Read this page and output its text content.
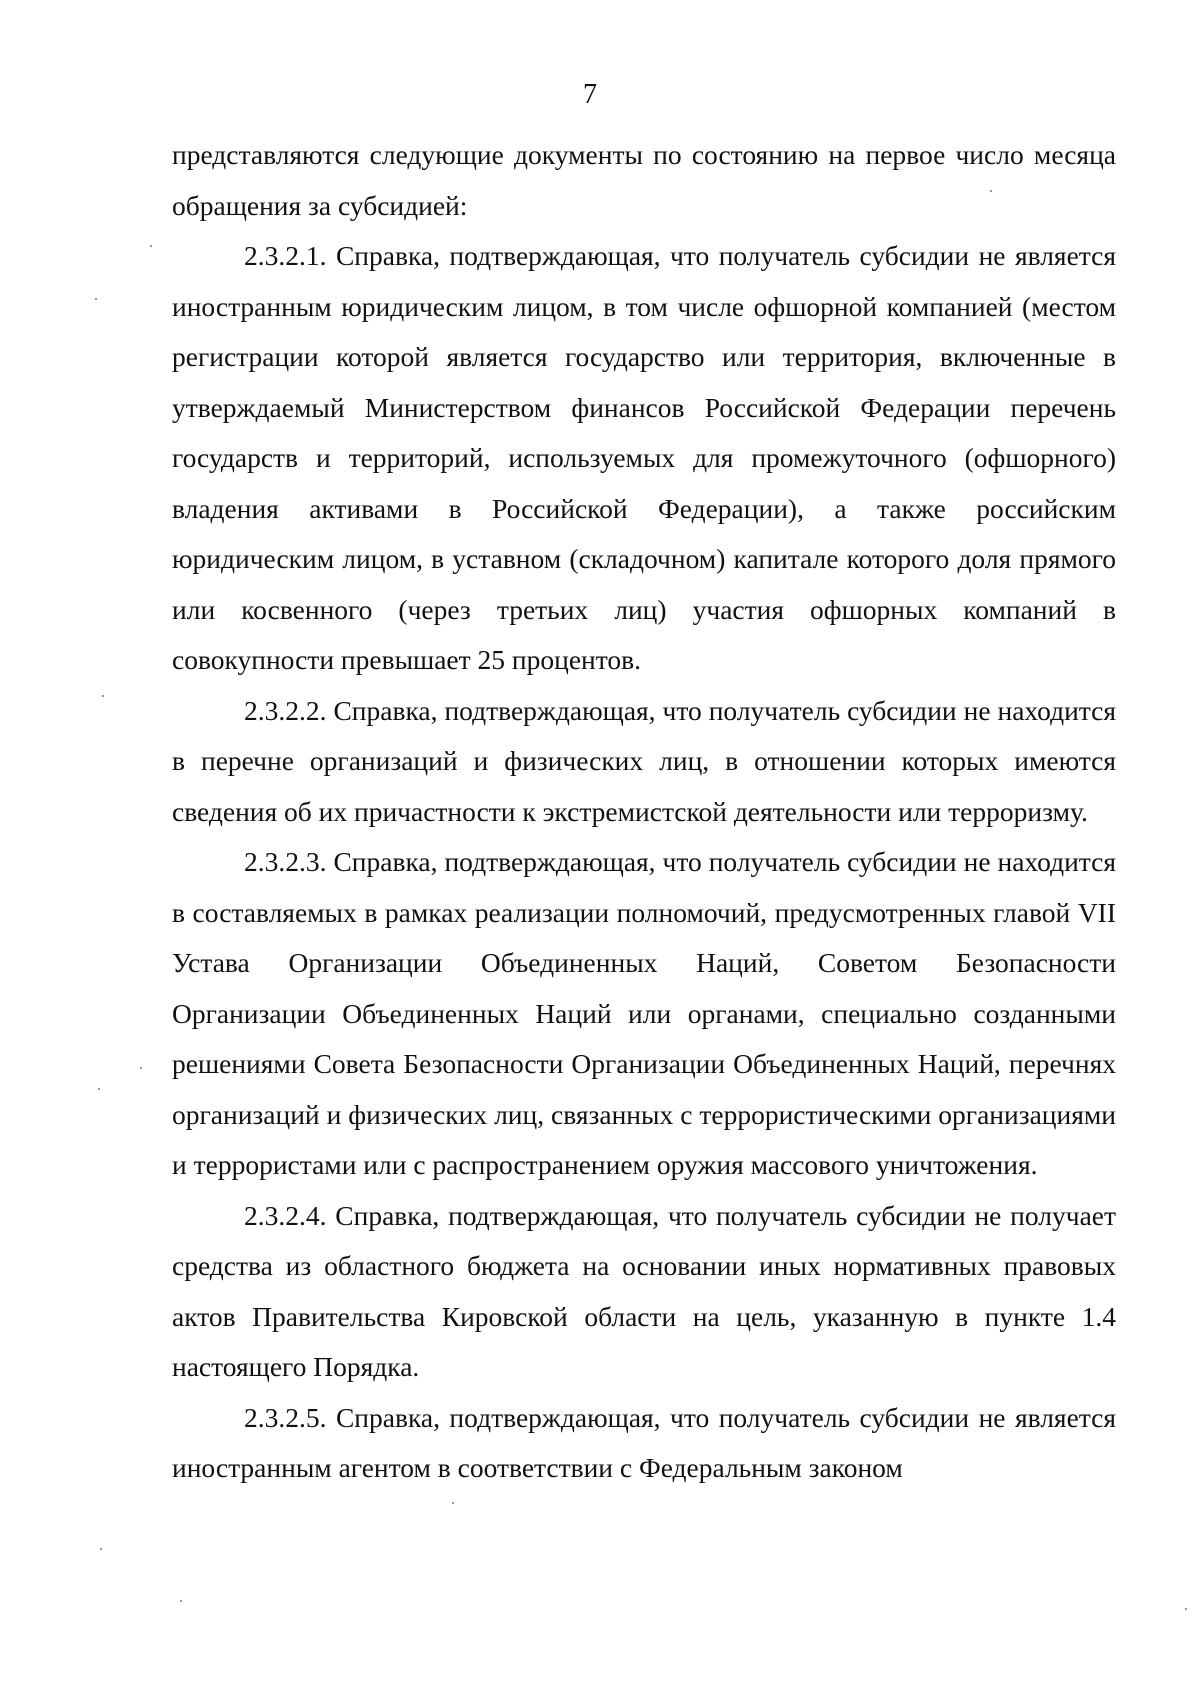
7

представляются следующие документы по состоянию на первое число месяца обращения за субсидией:

2.3.2.1. Справка, подтверждающая, что получатель субсидии не является иностранным юридическим лицом, в том числе офшорной компанией (местом регистрации которой является государство или территория, включенные в утверждаемый Министерством финансов Российской Федерации перечень государств и территорий, используемых для промежуточного (офшорного) владения активами в Российской Федерации), а также российским юридическим лицом, в уставном (складочном) капитале которого доля прямого или косвенного (через третьих лиц) участия офшорных компаний в совокупности превышает 25 процентов.

2.3.2.2. Справка, подтверждающая, что получатель субсидии не находится в перечне организаций и физических лиц, в отношении которых имеются сведения об их причастности к экстремистской деятельности или терроризму.

2.3.2.3. Справка, подтверждающая, что получатель субсидии не находится в составляемых в рамках реализации полномочий, предусмотренных главой VII Устава Организации Объединенных Наций, Советом Безопасности Организации Объединенных Наций или органами, специально созданными решениями Совета Безопасности Организации Объединенных Наций, перечнях организаций и физических лиц, связанных с террористическими организациями и террористами или с распространением оружия массового уничтожения.

2.3.2.4. Справка, подтверждающая, что получатель субсидии не получает средства из областного бюджета на основании иных нормативных правовых актов Правительства Кировской области на цель, указанную в пункте 1.4 настоящего Порядка.

2.3.2.5. Справка, подтверждающая, что получатель субсидии не является иностранным агентом в соответствии с Федеральным законом
